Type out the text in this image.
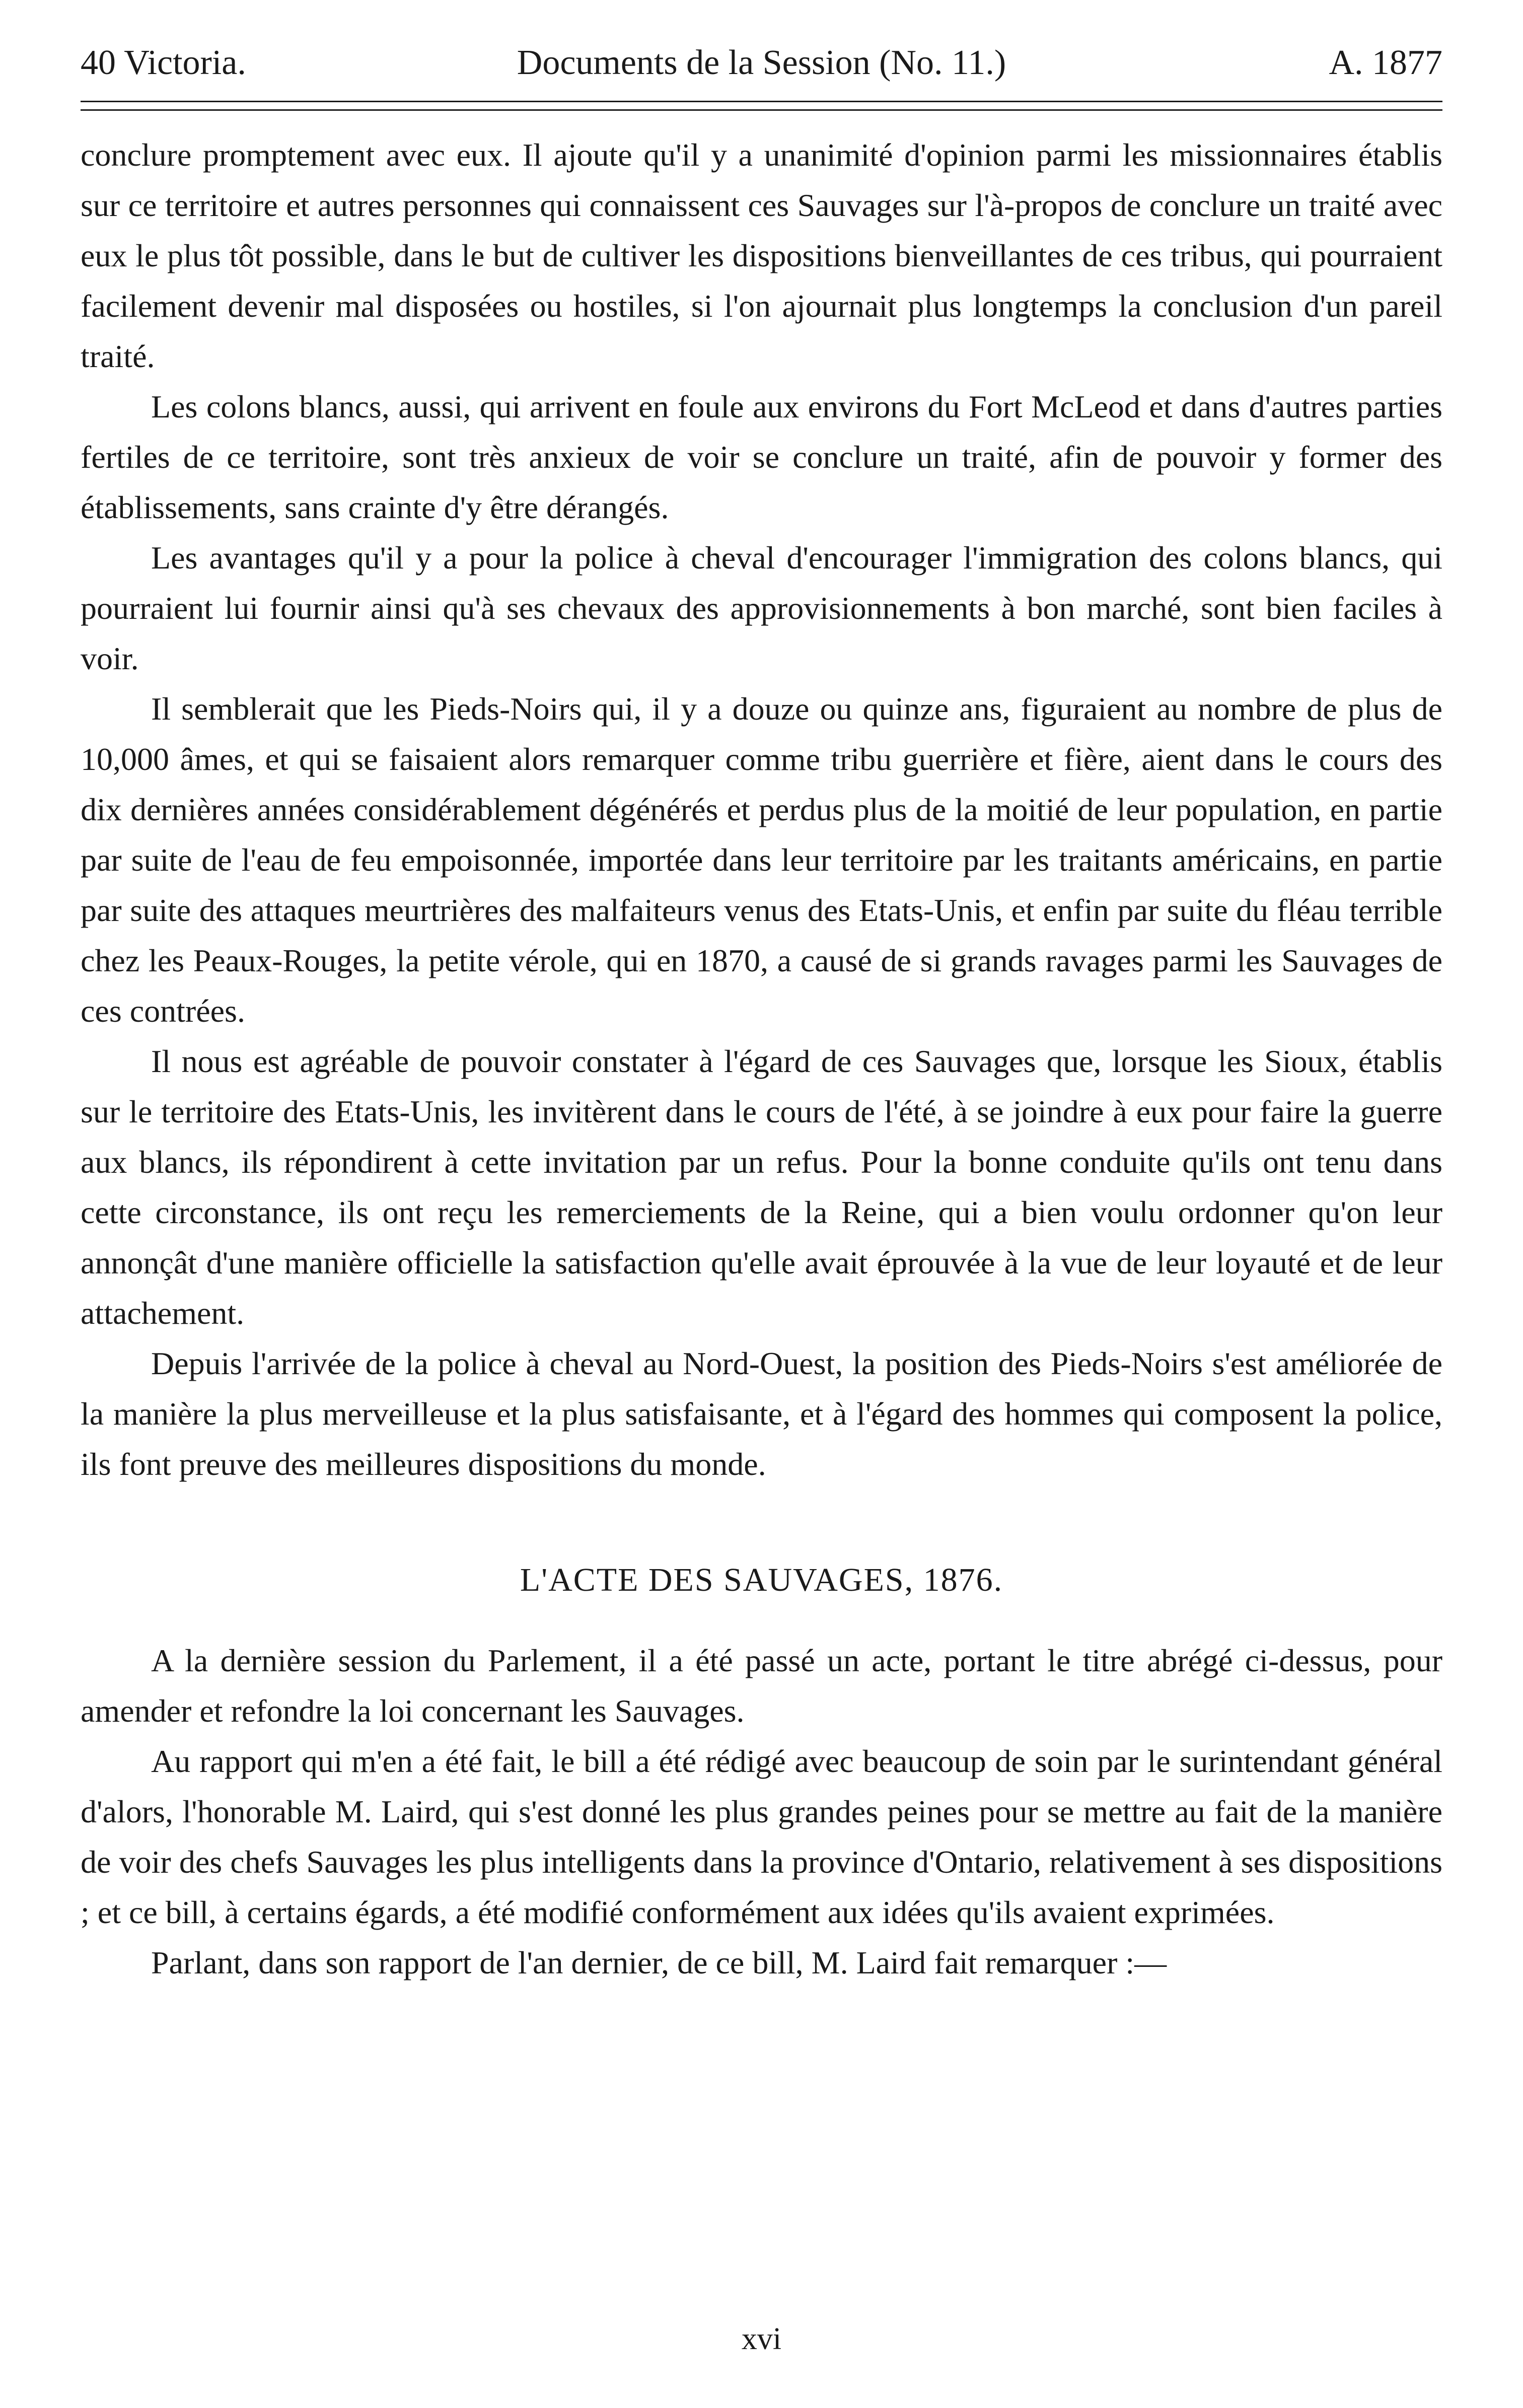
40 Victoria.	Documents de la Session (No. 11.)	A. 1877

conclure promptement avec eux. Il ajoute qu'il y a unanimité d'opinion parmi les missionnaires établis sur ce territoire et autres personnes qui connaissent ces Sauvages sur l'à-propos de conclure un traité avec eux le plus tôt possible, dans le but de cultiver les dispositions bienveillantes de ces tribus, qui pourraient facilement devenir mal disposées ou hostiles, si l'on ajournait plus longtemps la conclusion d'un pareil traité.

Les colons blancs, aussi, qui arrivent en foule aux environs du Fort McLeod et dans d'autres parties fertiles de ce territoire, sont très anxieux de voir se conclure un traité, afin de pouvoir y former des établissements, sans crainte d'y être dérangés.

Les avantages qu'il y a pour la police à cheval d'encourager l'immigration des colons blancs, qui pourraient lui fournir ainsi qu'à ses chevaux des approvisionnements à bon marché, sont bien faciles à voir.

Il semblerait que les Pieds-Noirs qui, il y a douze ou quinze ans, figuraient au nombre de plus de 10,000 âmes, et qui se faisaient alors remarquer comme tribu guerrière et fière, aient dans le cours des dix dernières années considérablement dégénérés et perdus plus de la moitié de leur population, en partie par suite de l'eau de feu empoisonnée, importée dans leur territoire par les traitants américains, en partie par suite des attaques meurtrières des malfaiteurs venus des Etats-Unis, et enfin par suite du fléau terrible chez les Peaux-Rouges, la petite vérole, qui en 1870, a causé de si grands ravages parmi les Sauvages de ces contrées.

Il nous est agréable de pouvoir constater à l'égard de ces Sauvages que, lorsque les Sioux, établis sur le territoire des Etats-Unis, les invitèrent dans le cours de l'été, à se joindre à eux pour faire la guerre aux blancs, ils répondirent à cette invitation par un refus. Pour la bonne conduite qu'ils ont tenu dans cette circonstance, ils ont reçu les remerciements de la Reine, qui a bien voulu ordonner qu'on leur annonçât d'une manière officielle la satisfaction qu'elle avait éprouvée à la vue de leur loyauté et de leur attachement.

Depuis l'arrivée de la police à cheval au Nord-Ouest, la position des Pieds-Noirs s'est améliorée de la manière la plus merveilleuse et la plus satisfaisante, et à l'égard des hommes qui composent la police, ils font preuve des meilleures dispositions du monde.

L'ACTE DES SAUVAGES, 1876.

A la dernière session du Parlement, il a été passé un acte, portant le titre abrégé ci-dessus, pour amender et refondre la loi concernant les Sauvages.

Au rapport qui m'en a été fait, le bill a été rédigé avec beaucoup de soin par le surintendant général d'alors, l'honorable M. Laird, qui s'est donné les plus grandes peines pour se mettre au fait de la manière de voir des chefs Sauvages les plus intelligents dans la province d'Ontario, relativement à ses dispositions ; et ce bill, à certains égards, a été modifié conformément aux idées qu'ils avaient exprimées.

Parlant, dans son rapport de l'an dernier, de ce bill, M. Laird fait remarquer :—

xvi
